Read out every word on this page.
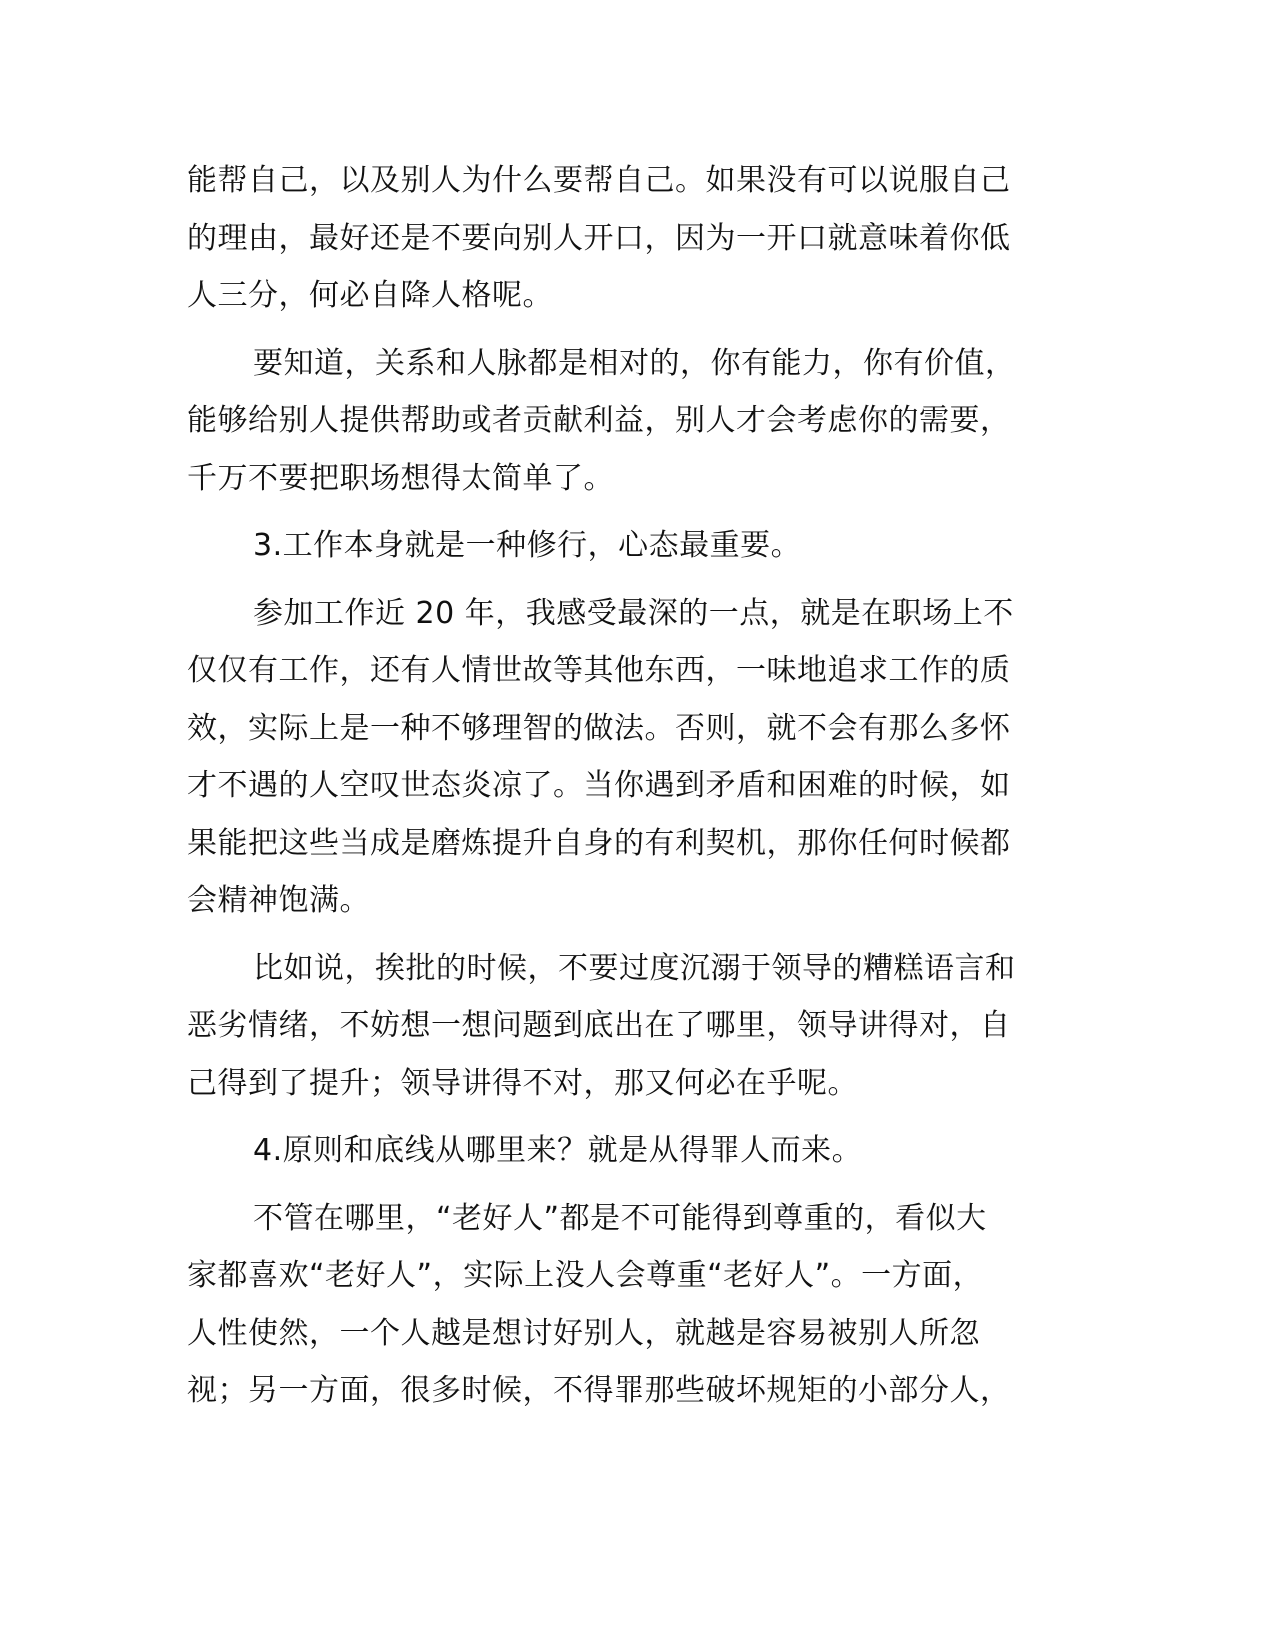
能帮自己，以及别人为什么要帮自己。如果没有可以说服自己
的理由，最好还是不要向别人开口，因为一开口就意味着你低
人三分，何必自降人格呢。

要知道，关系和人脉都是相对的，你有能力，你有价值，
能够给别人提供帮助或者贡献利益，别人才会考虑你的需要，
千万不要把职场想得太简单了。

3.工作本身就是一种修行，心态最重要。

参加工作近 20 年，我感受最深的一点，就是在职场上不
仅仅有工作，还有人情世故等其他东西，一味地追求工作的质
效，实际上是一种不够理智的做法。否则，就不会有那么多怀
才不遇的人空叹世态炎凉了。当你遇到矛盾和困难的时候，如
果能把这些当成是磨炼提升自身的有利契机，那你任何时候都
会精神饱满。

比如说，挨批的时候，不要过度沉溺于领导的糟糕语言和
恶劣情绪，不妨想一想问题到底出在了哪里，领导讲得对，自
己得到了提升；领导讲得不对，那又何必在乎呢。

4.原则和底线从哪里来？就是从得罪人而来。

不管在哪里，“老好人”都是不可能得到尊重的，看似大
家都喜欢“老好人”，实际上没人会尊重“老好人”。一方面，
人性使然，一个人越是想讨好别人，就越是容易被别人所忽
视；另一方面，很多时候，不得罪那些破坏规矩的小部分人，
